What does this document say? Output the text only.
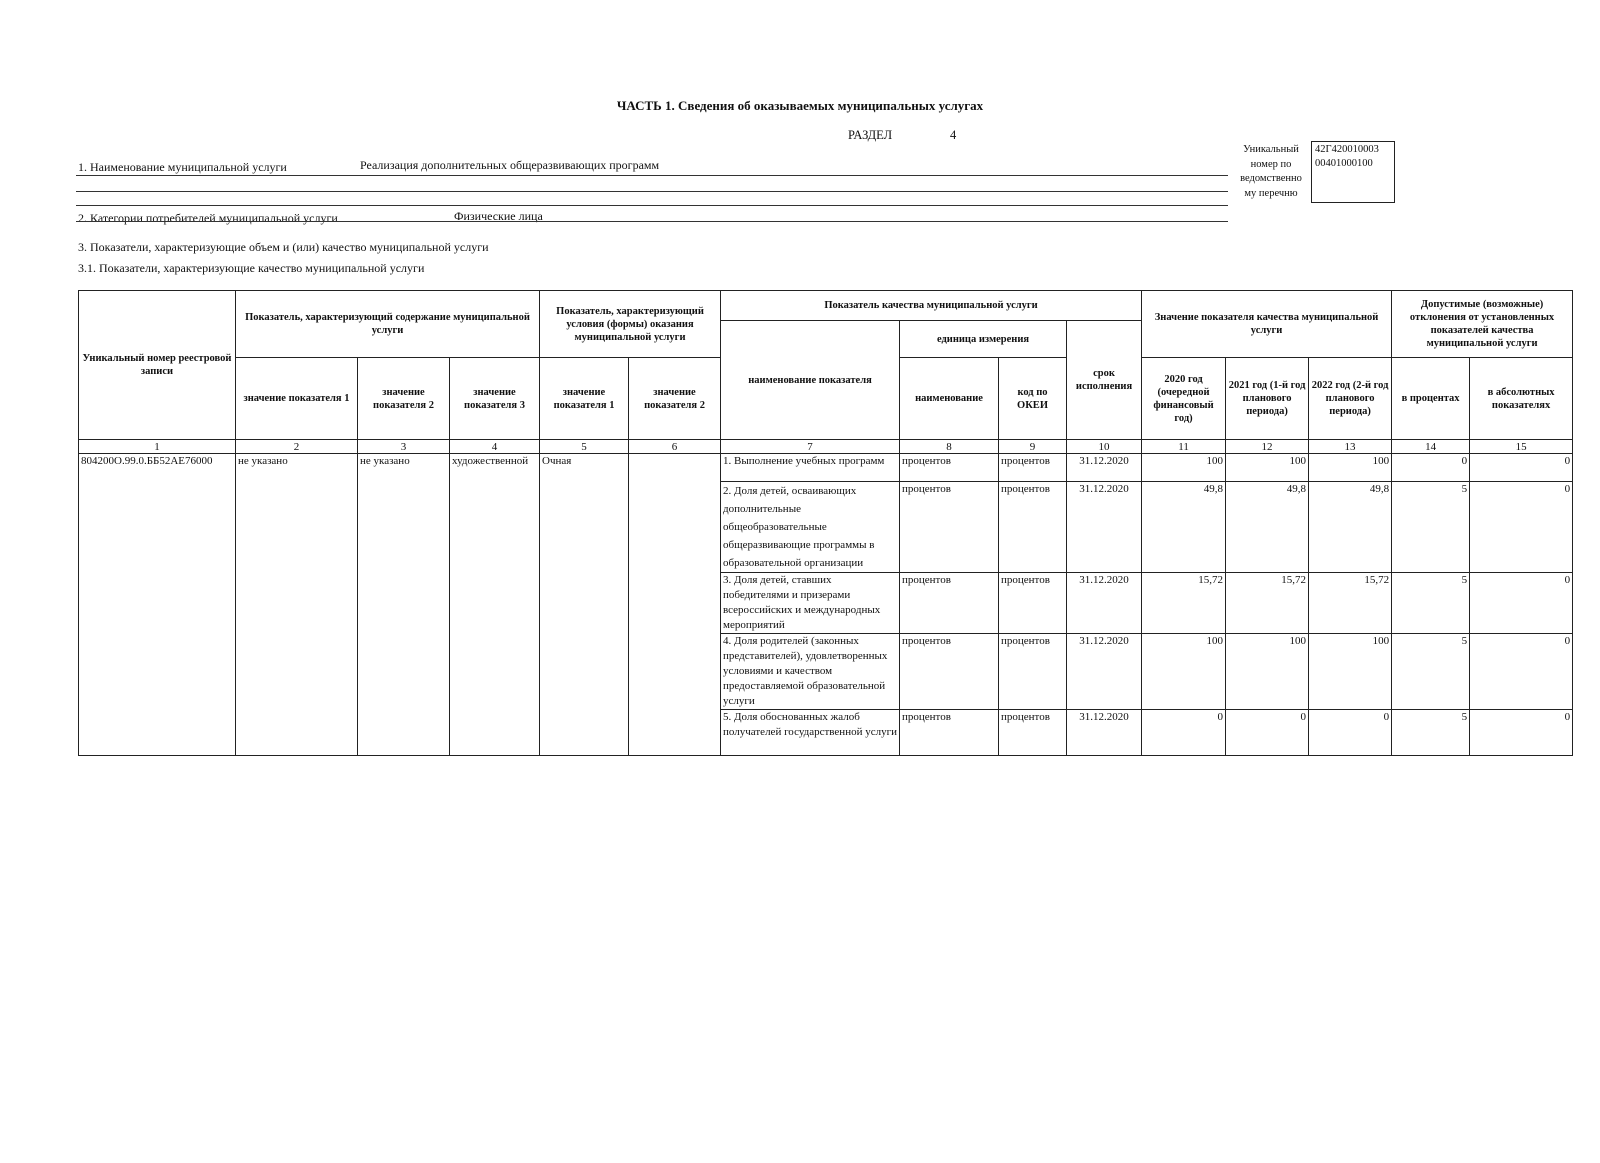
ЧАСТЬ 1. Сведения об оказываемых муниципальных услугах
РАЗДЕЛ	4
1. Наименование муниципальной услуги	Реализация дополнительных общеразвивающих программ
2. Категории потребителей муниципальной услуги	Физические лица
Уникальный
номер по
ведомственно
му перечню
42Г420010003
00401000100
3. Показатели, характеризующие объем и (или) качество муниципальной услуги
3.1. Показатели, характеризующие качество муниципальной услуги
Уникальный номер реестровой записи	Показатель, характеризующий содержание муниципальной услуги			Показатель, характеризующий условия (формы) оказания муниципальной услуги		Показатель качества муниципальной услуги				Значение показателя качества муниципальной услуги			Допустимые (возможные) отклонения от установленных показателей качества муниципальной услуги	
						наименование показателя	единица измерения		срок исполнения					
	значение показателя 1	значение показателя 2	значение показателя 3	значение показателя 1	значение показателя 2		наименование	код по ОКЕИ		2020 год (очередной финансовый год)	2021 год (1-й год планового периода)	2022 год (2-й год планового периода)	в процентах	в абсолютных показателях
1	2	3	4	5	6	7	8	9	10	11	12	13	14	15
804200О.99.0.ББ52АЕ76000	не указано	не указано	художественной	Очная		1. Выполнение учебных программ	процентов	процентов	31.12.2020	100	100	100	0	0
						2. Доля детей, осваивающих дополнительные общеобразовательные общеразвивающие программы в образовательной организации	процентов	процентов	31.12.2020	49,8	49,8	49,8	5	0
						3. Доля детей, ставших победителями и призерами всероссийских и международных мероприятий	процентов	процентов	31.12.2020	15,72	15,72	15,72	5	0
						4. Доля родителей (законных представителей), удовлетворенных условиями и качеством предоставляемой образовательной услуги	процентов	процентов	31.12.2020	100	100	100	5	0
						5. Доля обоснованных жалоб получателей государственной услуги	процентов	процентов	31.12.2020	0	0	0	5	0
